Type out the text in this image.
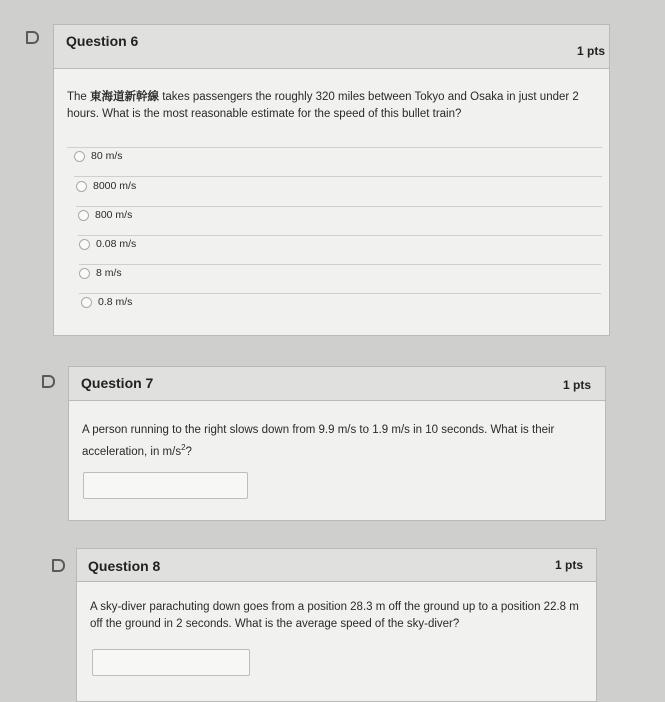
Question 6
1 pts
The 東海道新幹線 takes passengers the roughly 320 miles between Tokyo and Osaka in just under 2 hours. What is the most reasonable estimate for the speed of this bullet train?
80 m/s
8000 m/s
800 m/s
0.08 m/s
8 m/s
0.8 m/s
Question 7	1 pts
A person running to the right slows down from 9.9 m/s to 1.9 m/s in 10 seconds. What is their
acceleration, in $m/s^2$?
Question 8	1 pts
A sky-diver parachuting down goes from a position 28.3 m off the ground up to a position 22.8 m off the ground in 2 seconds. What is the average speed of the sky-diver?
